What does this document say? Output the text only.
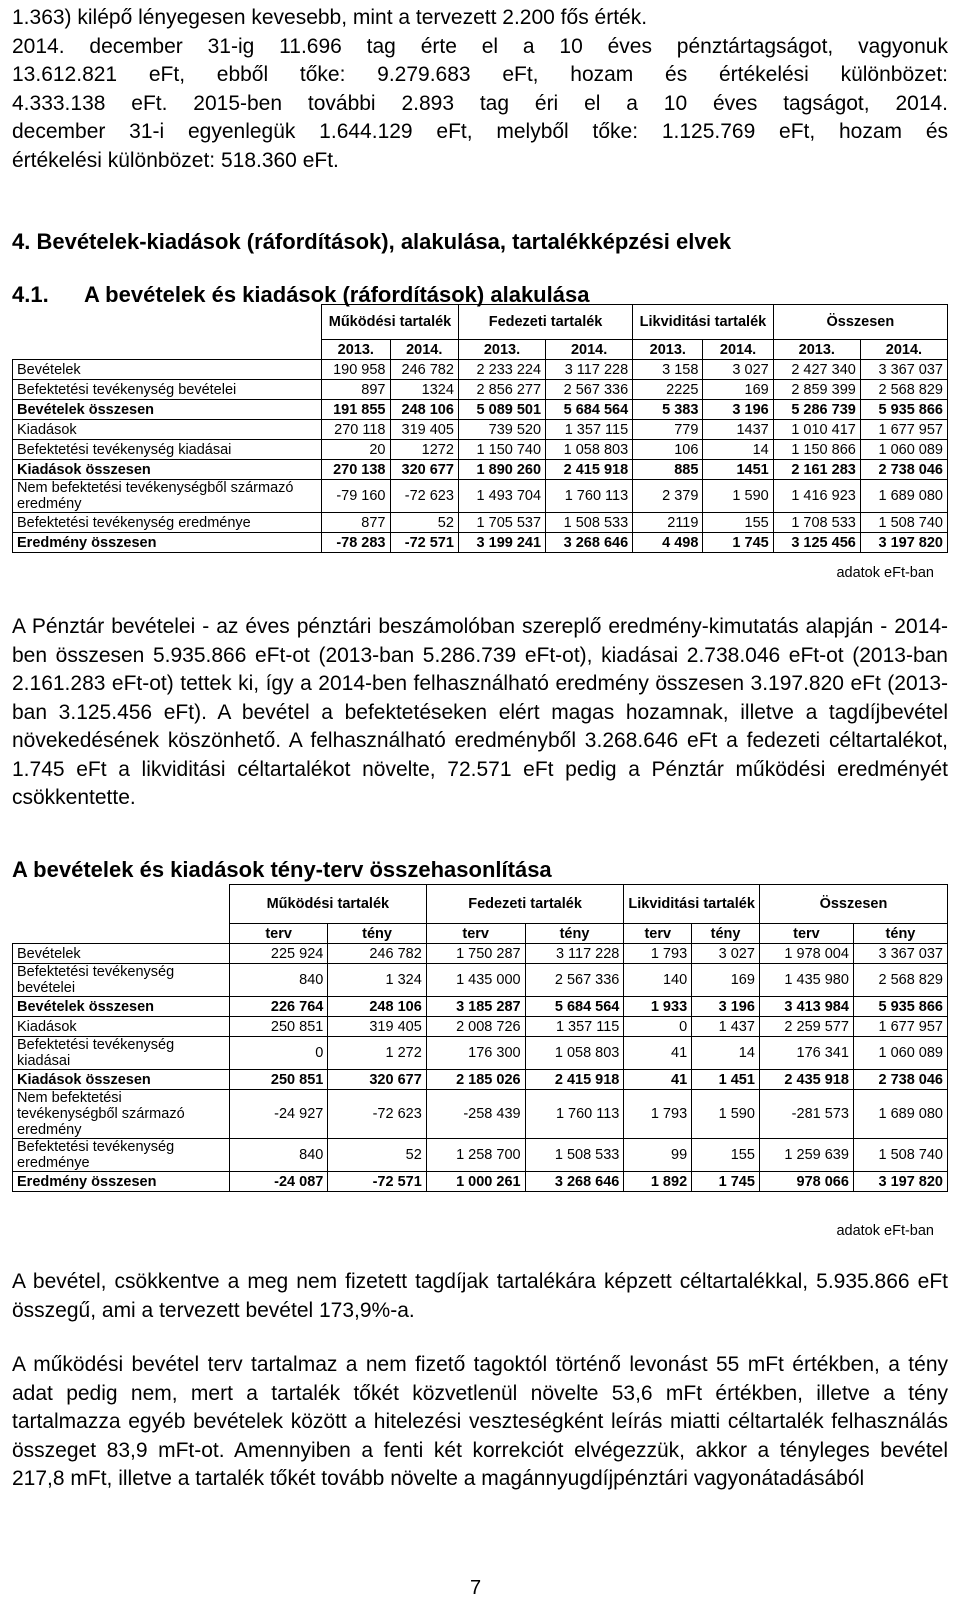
1.363) kilépő lényegesen kevesebb, mint a tervezett 2.200 fős érték.

2014. december 31-ig 11.696 tag érte el a 10 éves pénztártagságot, vagyonuk

13.612.821 eFt, ebből tőke: 9.279.683 eFt, hozam és értékelési különbözet:

4.333.138 eFt. 2015-ben további 2.893 tag éri el a 10 éves tagságot, 2014.

december 31-i egyenlegük 1.644.129 eFt, melyből tőke: 1.125.769 eFt, hozam és

értékelési különbözet: 518.360 eFt.

4. Bevételek-kiadások (ráfordítások), alakulása, tartalékképzési elvek
4.1. A bevételek és kiadások (ráfordítások) alakulása
	Működési tartalék		Fedezeti tartalék		Likviditási tartalék		Összesen	
	2013.	2014.	2013.	2014.	2013.	2014.	2013.	2014.
Bevételek	190 958	246 782	2 233 224	3 117 228	3 158	3 027	2 427 340	3 367 037
Befektetési tevékenység bevételei	897	1324	2 856 277	2 567 336	2225	169	2 859 399	2 568 829
Bevételek összesen	191 855	248 106	5 089 501	5 684 564	5 383	3 196	5 286 739	5 935 866
Kiadások	270 118	319 405	739 520	1 357 115	779	1437	1 010 417	1 677 957
Befektetési tevékenység kiadásai	20	1272	1 150 740	1 058 803	106	14	1 150 866	1 060 089
Kiadások összesen	270 138	320 677	1 890 260	2 415 918	885	1451	2 161 283	2 738 046
Nem befektetési tevékenységből származó eredmény	-79 160	-72 623	1 493 704	1 760 113	2 379	1 590	1 416 923	1 689 080
Befektetési tevékenység eredménye	877	52	1 705 537	1 508 533	2119	155	1 708 533	1 508 740
Eredmény összesen	-78 283	-72 571	3 199 241	3 268 646	4 498	1 745	3 125 456	3 197 820
adatok eFt-ban

A Pénztár bevételei - az éves pénztári beszámolóban szereplő eredmény-kimutatás alapján - 2014-ben összesen 5.935.866 eFt-ot (2013-ban 5.286.739 eFt-ot), kiadásai 2.738.046 eFt-ot (2013-ban 2.161.283 eFt-ot) tettek ki, így a 2014-ben felhasználható eredmény összesen 3.197.820 eFt (2013-ban 3.125.456 eFt). A bevétel a befektetéseken elért magas hozamnak, illetve a tagdíjbevétel növekedésének köszönhető. A felhasználható eredményből 3.268.646 eFt a fedezeti céltartalékot, 1.745 eFt a likviditási céltartalékot növelte, 72.571 eFt pedig a Pénztár működési eredményét csökkentette.

A bevételek és kiadások tény-terv összehasonlítása
	Működési tartalék		Fedezeti tartalék		Likviditási tartalék		Összesen	
	terv	tény	terv	tény	terv	tény	terv	tény
Bevételek	225 924	246 782	1 750 287	3 117 228	1 793	3 027	1 978 004	3 367 037
Befektetési tevékenység bevételei	840	1 324	1 435 000	2 567 336	140	169	1 435 980	2 568 829
Bevételek összesen	226 764	248 106	3 185 287	5 684 564	1 933	3 196	3 413 984	5 935 866
Kiadások	250 851	319 405	2 008 726	1 357 115	0	1 437	2 259 577	1 677 957
Befektetési tevékenység kiadásai	0	1 272	176 300	1 058 803	41	14	176 341	1 060 089
Kiadások összesen	250 851	320 677	2 185 026	2 415 918	41	1 451	2 435 918	2 738 046
Nem befektetési tevékenységből származó eredmény	-24 927	-72 623	-258 439	1 760 113	1 793	1 590	-281 573	1 689 080
Befektetési tevékenység eredménye	840	52	1 258 700	1 508 533	99	155	1 259 639	1 508 740
Eredmény összesen	-24 087	-72 571	1 000 261	3 268 646	1 892	1 745	978 066	3 197 820
adatok eFt-ban

A bevétel, csökkentve a meg nem fizetett tagdíjak tartalékára képzett céltartalékkal, 5.935.866 eFt összegű, ami a tervezett bevétel 173,9%-a.

A működési bevétel terv tartalmaz a nem fizető tagoktól történő levonást 55 mFt értékben, a tény adat pedig nem, mert a tartalék tőkét közvetlenül növelte 53,6 mFt értékben, illetve a tény tartalmazza egyéb bevételek között a hitelezési veszteségként leírás miatti céltartalék felhasználás összeget 83,9 mFt-ot. Amennyiben a fenti két korrekciót elvégezzük, akkor a tényleges bevétel 217,8 mFt, illetve a tartalék tőkét tovább növelte a magánnyugdíjpénztári vagyonátadásából

7
